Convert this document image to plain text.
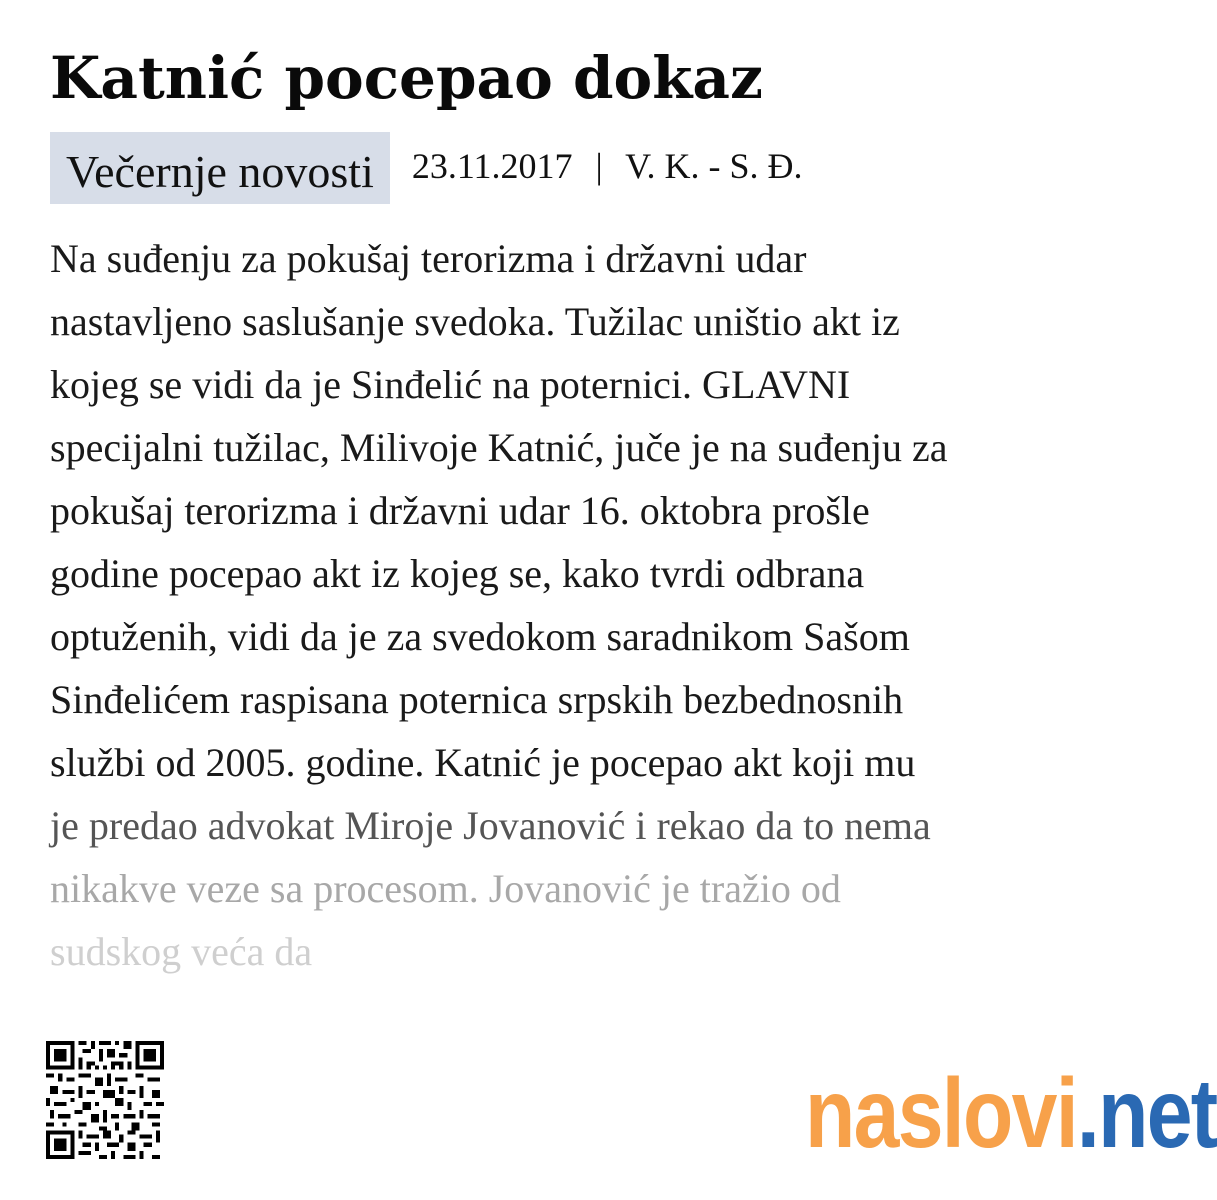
Katnić pocepao dokaz
Večernje novosti	23.11.2017 | V. K. - S. Đ.
Na suđenju za pokušaj terorizma i državni udar
nastavljeno saslušanje svedoka. Tužilac uništio akt iz
kojeg se vidi da je Sinđelić na poternici. GLAVNI
specijalni tužilac, Milivoje Katnić, juče je na suđenju za
pokušaj terorizma i državni udar 16. oktobra prošle
godine pocepao akt iz kojeg se, kako tvrdi odbrana
optuženih, vidi da je za svedokom saradnikom Sašom
Sinđelićem raspisana poternica srpskih bezbednosnih
službi od 2005. godine. Katnić je pocepao akt koji mu
je predao advokat Miroje Jovanović i rekao da to nema
nikakve veze sa procesom. Jovanović je tražio od
sudskog veća da
naslovi.net
